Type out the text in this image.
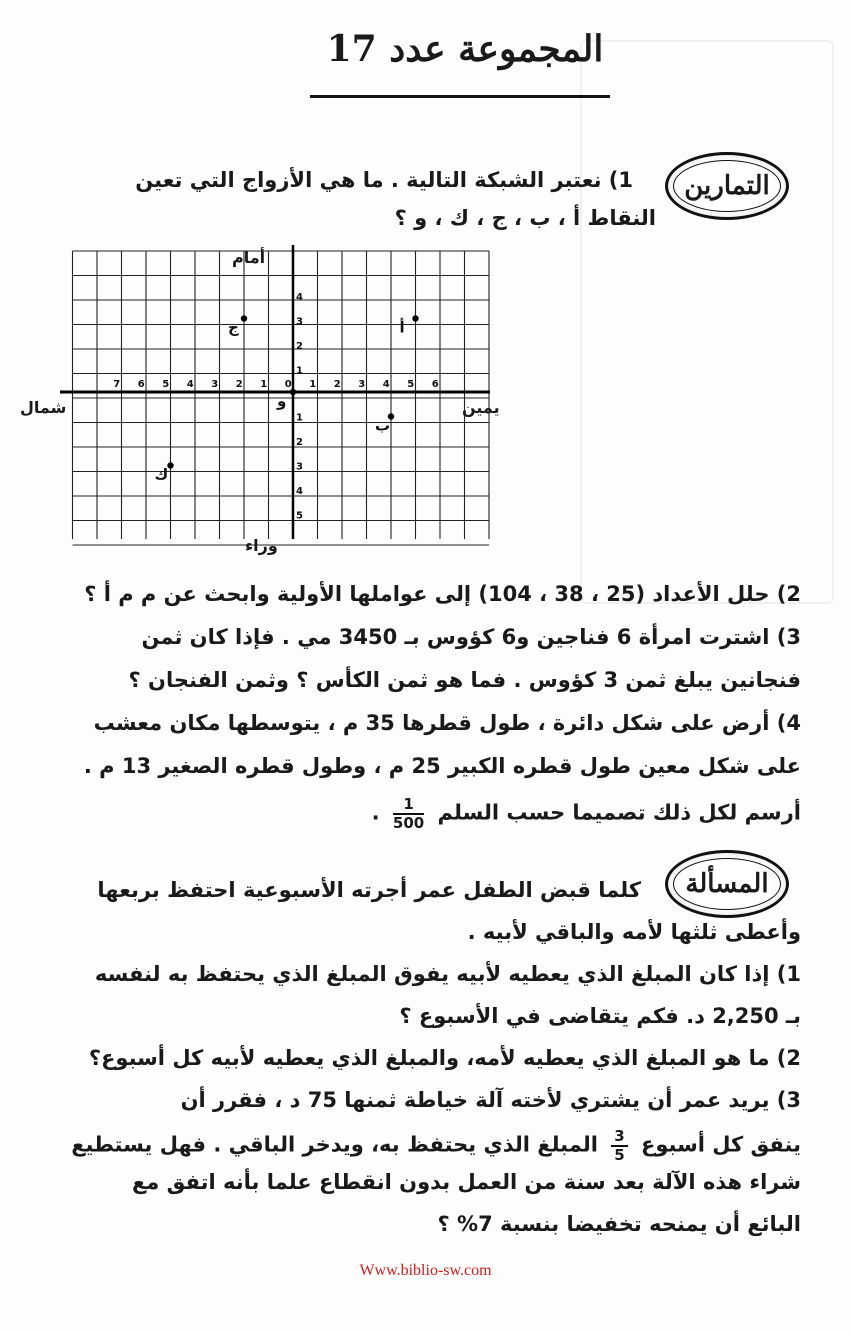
المجموعة عدد 17
التمارين
1) نعتبر الشبكة التالية . ما هي الأزواج التي تعين
النقاط أ ، ب ، ج ، ك ، و ؟
7 6 5 4 3 2 1 0 1 2 3 4 5 6
4
3
2
1
1
2
3
4
5
أ
ج
و
ب
ك
أمام
وراء
يمين
شمال
2) حلل الأعداد (25 ، 38 ، 104) إلى عواملها الأولية وابحث عن م م أ ؟
3) اشترت امرأة 6 فناجين و6 كؤوس بـ 3450 مي . فإذا كان ثمن
فنجانين يبلغ ثمن 3 كؤوس . فما هو ثمن الكأس ؟ وثمن الفنجان ؟
4) أرض على شكل دائرة ، طول قطرها 35 م ، يتوسطها مكان معشب
على شكل معين طول قطره الكبير 25 م ، وطول قطره الصغير 13 م .
أرسم لكل ذلك تصميما حسب السلم
$\frac{1}{500}$
.
المسألة
كلما قبض الطفل عمر أجرته الأسبوعية احتفظ بربعها
وأعطى ثلثها لأمه والباقي لأبيه .
1) إذا كان المبلغ الذي يعطيه لأبيه يفوق المبلغ الذي يحتفظ به لنفسه
بـ 2,250 د. فكم يتقاضى في الأسبوع ؟
2) ما هو المبلغ الذي يعطيه لأمه، والمبلغ الذي يعطيه لأبيه كل أسبوع؟
3) يريد عمر أن يشتري لأخته آلة خياطة ثمنها 75 د ، فقرر أن
ينفق كل أسبوع
$\frac{3}{5}$
المبلغ الذي يحتفظ به، ويدخر الباقي . فهل يستطيع
شراء هذه الآلة بعد سنة من العمل بدون انقطاع علما بأنه اتفق مع
البائع أن يمنحه تخفيضا بنسبة 7% ؟
Www.biblio-sw.com
